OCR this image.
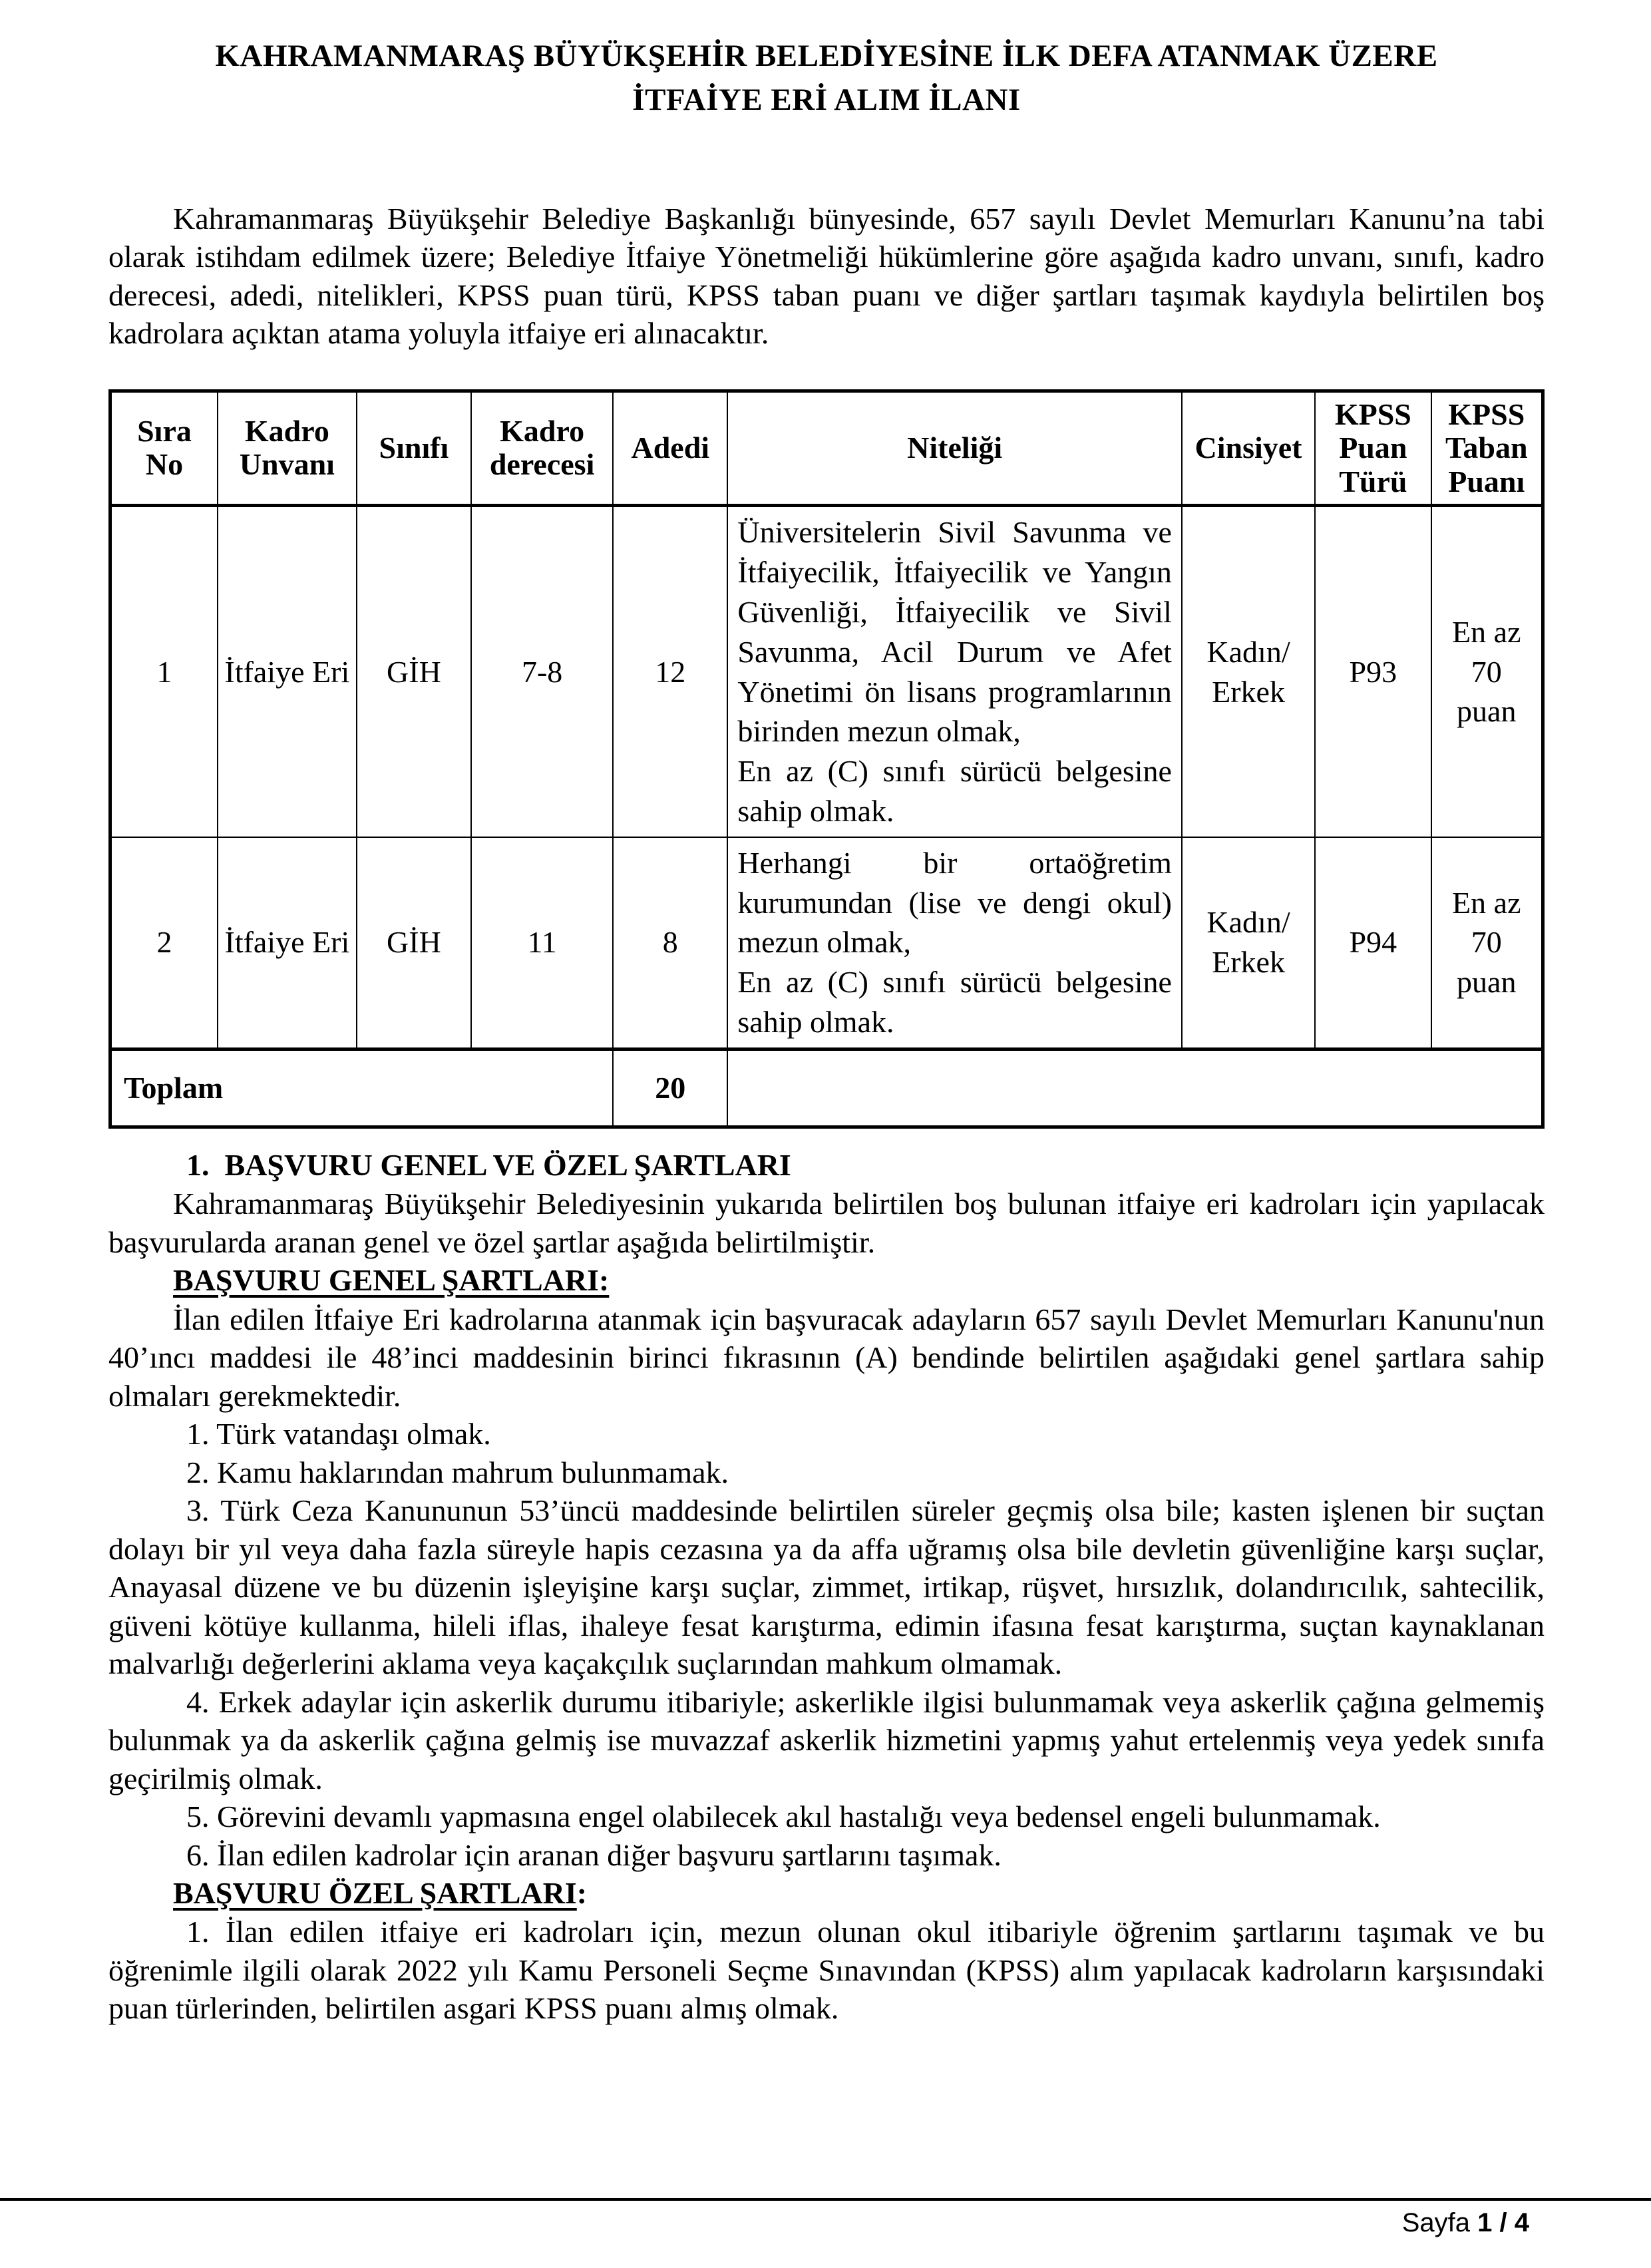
KAHRAMANMARAŞ BÜYÜKŞEHİR BELEDİYESİNE İLK DEFA ATANMAK ÜZERE
İTFAİYE ERİ ALIM İLANI

Kahramanmaraş Büyükşehir Belediye Başkanlığı bünyesinde, 657 sayılı Devlet Memurları Kanunu’na tabi olarak istihdam edilmek üzere; Belediye İtfaiye Yönetmeliği hükümlerine göre aşağıda kadro unvanı, sınıfı, kadro derecesi, adedi, nitelikleri, KPSS puan türü, KPSS taban puanı ve diğer şartları taşımak kaydıyla belirtilen boş kadrolara açıktan atama yoluyla itfaiye eri alınacaktır.

Sıra No	Kadro Unvanı	Sınıfı	Kadro derecesi	Adedi	Niteliği	Cinsiyet	KPSS Puan Türü	KPSS Taban Puanı
1	İtfaiye Eri	GİH	7-8	12	Üniversitelerin Sivil Savunma ve İtfaiyecilik, İtfaiyecilik ve Yangın Güvenliği, İtfaiyecilik ve Sivil Savunma, Acil Durum ve Afet Yönetimi ön lisans programlarının birinden mezun olmak,
En az (C) sınıfı sürücü belgesine sahip olmak.	Kadın/ Erkek	P93	En az 70 puan

2	İtfaiye Eri	GİH	11	8	Herhangi bir ortaöğretim kurumundan (lise ve dengi okul) mezun olmak,
En az (C) sınıfı sürücü belgesine sahip olmak.	Kadın/ Erkek	P94	En az 70 puan

Toplam				20				

1.  BAŞVURU GENEL VE ÖZEL ŞARTLARI

Kahramanmaraş Büyükşehir Belediyesinin yukarıda belirtilen boş bulunan itfaiye eri kadroları için yapılacak başvurularda aranan genel ve özel şartlar aşağıda belirtilmiştir.

BAŞVURU GENEL ŞARTLARI:

İlan edilen İtfaiye Eri kadrolarına atanmak için başvuracak adayların 657 sayılı Devlet Memurları Kanunu'nun 40’ıncı maddesi ile 48’inci maddesinin birinci fıkrasının (A) bendinde belirtilen aşağıdaki genel şartlara sahip olmaları gerekmektedir.

1. Türk vatandaşı olmak.

2. Kamu haklarından mahrum bulunmamak.

3. Türk Ceza Kanununun 53’üncü maddesinde belirtilen süreler geçmiş olsa bile; kasten işlenen bir suçtan dolayı bir yıl veya daha fazla süreyle hapis cezasına ya da affa uğramış olsa bile devletin güvenliğine karşı suçlar, Anayasal düzene ve bu düzenin işleyişine karşı suçlar, zimmet, irtikap, rüşvet, hırsızlık, dolandırıcılık, sahtecilik, güveni kötüye kullanma, hileli iflas, ihaleye fesat karıştırma, edimin ifasına fesat karıştırma, suçtan kaynaklanan malvarlığı değerlerini aklama veya kaçakçılık suçlarından mahkum olmamak.

4. Erkek adaylar için askerlik durumu itibariyle; askerlikle ilgisi bulunmamak veya askerlik çağına gelmemiş bulunmak ya da askerlik çağına gelmiş ise muvazzaf askerlik hizmetini yapmış yahut ertelenmiş veya yedek sınıfa geçirilmiş olmak.

5. Görevini devamlı yapmasına engel olabilecek akıl hastalığı veya bedensel engeli bulunmamak.

6. İlan edilen kadrolar için aranan diğer başvuru şartlarını taşımak.

BAŞVURU ÖZEL ŞARTLARI:

1. İlan edilen itfaiye eri kadroları için, mezun olunan okul itibariyle öğrenim şartlarını taşımak ve bu öğrenimle ilgili olarak 2022 yılı Kamu Personeli Seçme Sınavından (KPSS) alım yapılacak kadroların karşısındaki puan türlerinden, belirtilen asgari KPSS puanı almış olmak.

Sayfa 1 / 4
